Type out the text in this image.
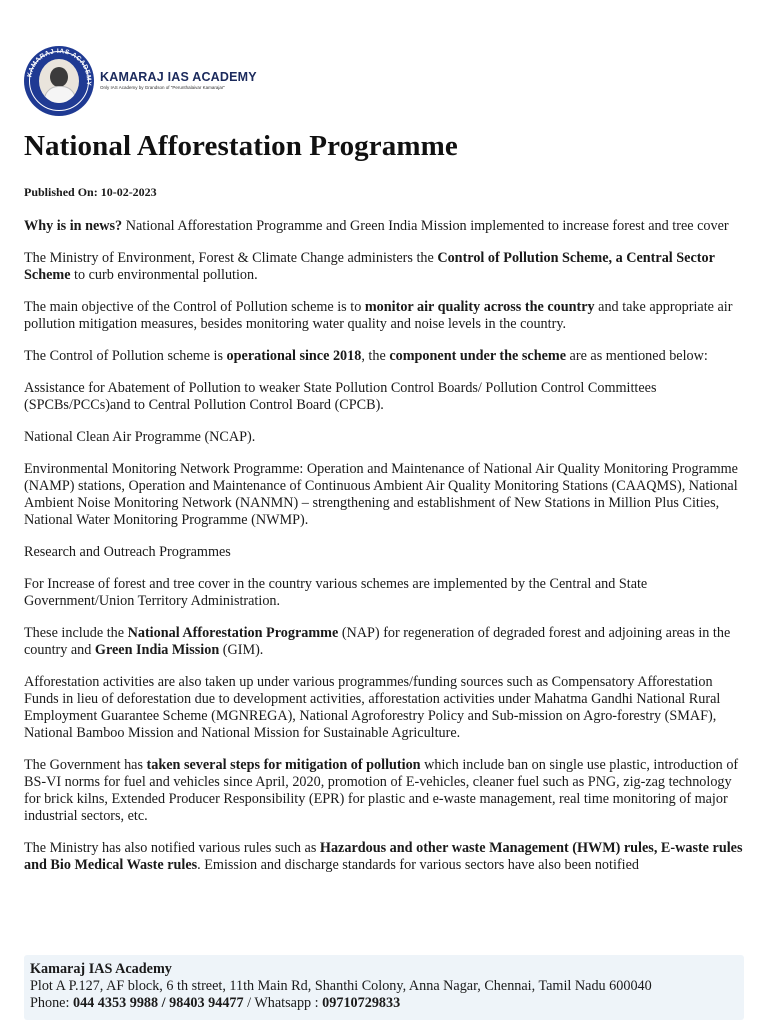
KAMARAJ IAS ACADEMY KAMARAJ IAS ACADEMY
Only IAS Academy by Grandson of "Perunthalaivar Kamarajar"
National Afforestation Programme
Published On: 10-02-2023

Why is in news? National Afforestation Programme and Green India Mission implemented to increase forest and tree cover

The Ministry of Environment, Forest & Climate Change administers the Control of Pollution Scheme, a Central Sector Scheme to curb environmental pollution.

The main objective of the Control of Pollution scheme is to monitor air quality across the country and take appropriate air pollution mitigation measures, besides monitoring water quality and noise levels in the country.

The Control of Pollution scheme is operational since 2018, the component under the scheme are as mentioned below:

Assistance for Abatement of Pollution to weaker State Pollution Control Boards/ Pollution Control Committees (SPCBs/PCCs)and to Central Pollution Control Board (CPCB).

National Clean Air Programme (NCAP).

Environmental Monitoring Network Programme: Operation and Maintenance of National Air Quality Monitoring Programme (NAMP) stations, Operation and Maintenance of Continuous Ambient Air Quality Monitoring Stations (CAAQMS), National Ambient Noise Monitoring Network (NANMN) – strengthening and establishment of New Stations in Million Plus Cities, National Water Monitoring Programme (NWMP).

Research and Outreach Programmes

For Increase of forest and tree cover in the country various schemes are implemented by the Central and State Government/Union Territory Administration.

These include the National Afforestation Programme (NAP) for regeneration of degraded forest and adjoining areas in the country and Green India Mission (GIM).

Afforestation activities are also taken up under various programmes/funding sources such as Compensatory Afforestation Funds in lieu of deforestation due to development activities, afforestation activities under Mahatma Gandhi National Rural Employment Guarantee Scheme (MGNREGA), National Agroforestry Policy and Sub-mission on Agro-forestry (SMAF), National Bamboo Mission and National Mission for Sustainable Agriculture.

The Government has taken several steps for mitigation of pollution which include ban on single use plastic, introduction of BS-VI norms for fuel and vehicles since April, 2020, promotion of E-vehicles, cleaner fuel such as PNG, zig-zag technology for brick kilns, Extended Producer Responsibility (EPR) for plastic and e-waste management, real time monitoring of major industrial sectors, etc.

The Ministry has also notified various rules such as Hazardous and other waste Management (HWM) rules, E-waste rules and Bio Medical Waste rules. Emission and discharge standards for various sectors have also been notified

Kamaraj IAS Academy
Plot A P.127, AF block, 6 th street, 11th Main Rd, Shanthi Colony, Anna Nagar, Chennai, Tamil Nadu 600040
Phone: 044 4353 9988 / 98403 94477 / Whatsapp : 09710729833
